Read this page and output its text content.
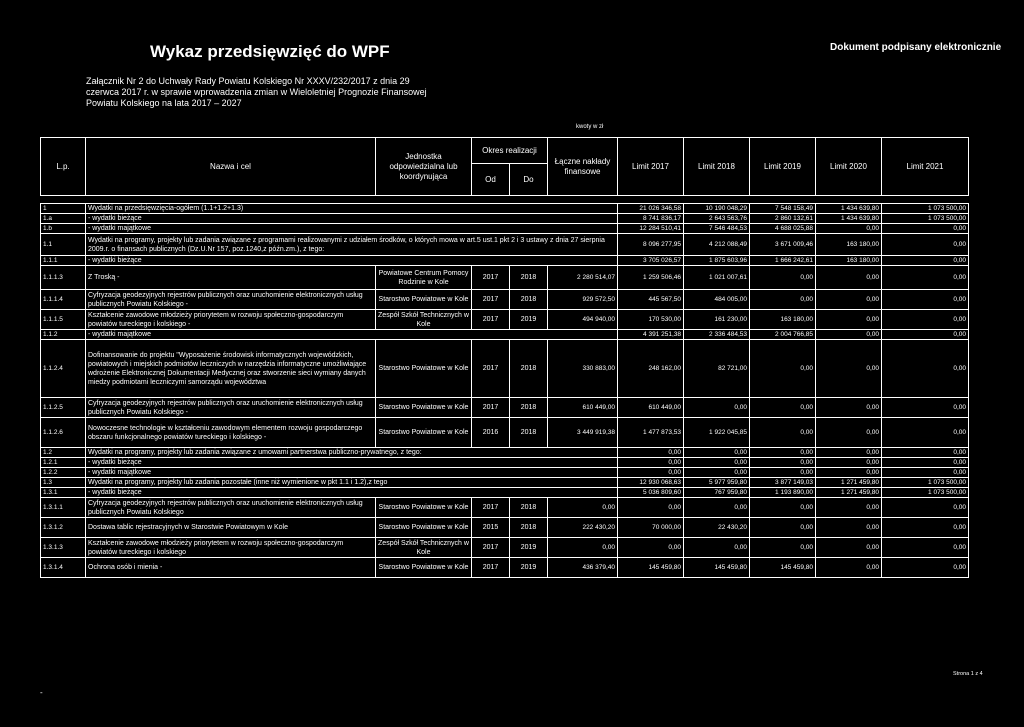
Wykaz przedsięwzięć do WPF	Dokument podpisany elektronicznie
Załącznik Nr 2 do Uchwały Rady Powiatu Kolskiego Nr XXXV/232/2017 z dnia 29
czerwca 2017 r. w sprawie wprowadzenia zmian w Wieloletniej Prognozie Finansowej
Powiatu Kolskiego na lata 2017 – 2027
kwoty w zł
L.p.	Nazwa i cel	Jednostka odpowiedzialna lub koordynująca	Okres realizacji		Łączne nakłady finansowe	Limit 2017	Limit 2018	Limit 2019	Limit 2020	Limit 2021	
			Od	Do							

1	Wydatki na przedsięwzięcia-ogółem (1.1+1.2+1.3)					21 026 346,58	10 190 048,29	7 548 158,49	1 434 639,80	1 073 500,00	
1.a	- wydatki bieżące					8 741 836,17	2 643 563,76	2 860 132,61	1 434 639,80	1 073 500,00	
1.b	- wydatki majątkowe					12 284 510,41	7 546 484,53	4 688 025,88	0,00	0,00	
1.1	Wydatki na programy, projekty lub zadania związane z programami realizowanymi z udziałem środków, o których mowa w art.5 ust.1 pkt 2 i 3 ustawy z dnia 27 sierpnia 2009.r. o finansach publicznych (Dz.U.Nr 157, poz.1240,z późn.zm.), z tego:					8 096 277,95	4 212 088,49	3 671 009,46	163 180,00	0,00	
1.1.1	- wydatki bieżące					3 705 026,57	1 875 603,96	1 666 242,61	163 180,00	0,00	
1.1.1.3	Z Troską -	Powiatowe Centrum Pomocy Rodzinie w Kole	2017	2018	2 280 514,07	1 259 506,46	1 021 007,61	0,00	0,00	0,00	
1.1.1.4	Cyfryzacja geodezyjnych rejestrów publicznych oraz uruchomienie elektronicznych usług publicznych Powiatu Kolskiego -	Starostwo Powiatowe w Kole	2017	2018	929 572,50	445 567,50	484 005,00	0,00	0,00	0,00	
1.1.1.5	Kształcenie zawodowe młodzieży priorytetem w rozwoju społeczno-gospodarczym powiatów tureckiego i kolskiego -	Zespół Szkół Technicznych w Kole	2017	2019	494 940,00	170 530,00	161 230,00	163 180,00	0,00	0,00	
1.1.2	- wydatki majątkowe					4 391 251,38	2 336 484,53	2 004 766,85	0,00	0,00	
1.1.2.4	Dofinansowanie do projektu "Wyposażenie środowisk informatycznych wojewódzkich, powiatowych i miejskich podmiotów leczniczych w narzędzia informatyczne umożliwiające wdrożenie Elektronicznej Dokumentacji Medycznej oraz stworzenie sieci wymiany danych miedzy podmiotami leczniczymi samorządu województwa	Starostwo Powiatowe w Kole	2017	2018	330 883,00	248 162,00	82 721,00	0,00	0,00	0,00	
1.1.2.5	Cyfryzacja geodezyjnych rejestrów publicznych oraz uruchomienie elektronicznych usług publicznych Powiatu Kolskiego -	Starostwo Powiatowe w Kole	2017	2018	610 449,00	610 449,00	0,00	0,00	0,00	0,00	
1.1.2.6	Nowoczesne technologie w kształceniu zawodowym elementem rozwoju gospodarczego obszaru funkcjonalnego powiatów tureckiego i kolskiego -	Starostwo Powiatowe w Kole	2016	2018	3 449 919,38	1 477 873,53	1 922 045,85	0,00	0,00	0,00	
1.2	Wydatki na programy, projekty lub zadania związane z umowami partnerstwa publiczno-prywatnego, z tego:					0,00	0,00	0,00	0,00	0,00	
1.2.1	- wydatki bieżące					0,00	0,00	0,00	0,00	0,00	
1.2.2	- wydatki majątkowe					0,00	0,00	0,00	0,00	0,00	
1.3	Wydatki na programy, projekty lub zadania pozostałe (inne niż wymienione w pkt 1.1 i 1.2),z tego					12 930 068,63	5 977 959,80	3 877 149,03	1 271 459,80	1 073 500,00	
1.3.1	- wydatki bieżące					5 036 809,60	767 959,80	1 193 890,00	1 271 459,80	1 073 500,00	
1.3.1.1	Cyfryzacja geodezyjnych rejestrów publicznych oraz uruchomienie elektronicznych usług publicznych Powiatu Kolskiego	Starostwo Powiatowe w Kole	2017	2018	0,00	0,00	0,00	0,00	0,00	0,00	
1.3.1.2	Dostawa tablic rejestracyjnych w Starostwie Powiatowym w Kole	Starostwo Powiatowe w Kole	2015	2018	222 430,20	70 000,00	22 430,20	0,00	0,00	0,00	
1.3.1.3	Kształcenie zawodowe młodzieży priorytetem w rozwoju społeczno-gospodarczym powiatów tureckiego i kolskiego	Zespół Szkół Technicznych w Kole	2017	2019	0,00	0,00	0,00	0,00	0,00	0,00	
1.3.1.4	Ochrona osób i mienia -	Starostwo Powiatowe w Kole	2017	2019	436 379,40	145 459,80	145 459,80	145 459,80	0,00	0,00	
Strona 1 z 4
-
